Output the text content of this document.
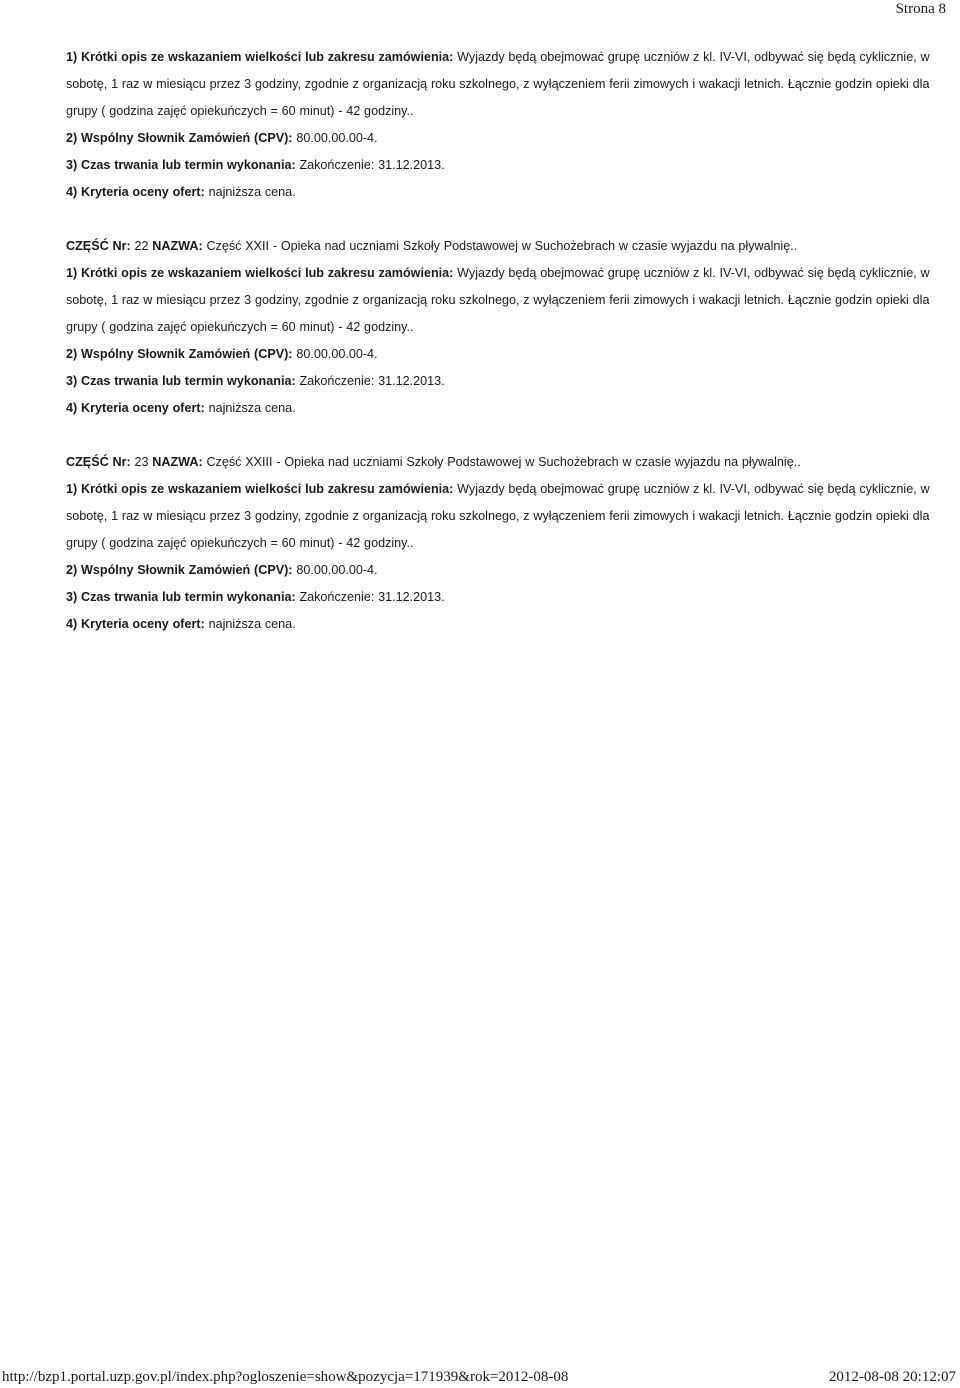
Strona 8

1) Krótki opis ze wskazaniem wielkości lub zakresu zamówienia: Wyjazdy będą obejmować grupę uczniów z kl. IV-VI, odbywać się będą cyklicznie, w sobotę, 1 raz w miesiącu przez 3 godziny, zgodnie z organizacją roku szkolnego, z wyłączeniem ferii zimowych i wakacji letnich. Łącznie godzin opieki dla grupy ( godzina zajęć opiekuńczych = 60 minut) - 42 godziny..

2) Wspólny Słownik Zamówień (CPV): 80.00.00.00-4.

3) Czas trwania lub termin wykonania: Zakończenie: 31.12.2013.

4) Kryteria oceny ofert: najniższa cena.

CZĘŚĆ Nr: 22 NAZWA: Część XXII - Opieka nad uczniami Szkoły Podstawowej w Suchożebrach w czasie wyjazdu na pływalnię..

1) Krótki opis ze wskazaniem wielkości lub zakresu zamówienia: Wyjazdy będą obejmować grupę uczniów z kl. IV-VI, odbywać się będą cyklicznie, w sobotę, 1 raz w miesiącu przez 3 godziny, zgodnie z organizacją roku szkolnego, z wyłączeniem ferii zimowych i wakacji letnich. Łącznie godzin opieki dla grupy ( godzina zajęć opiekuńczych = 60 minut) - 42 godziny..

2) Wspólny Słownik Zamówień (CPV): 80.00.00.00-4.

3) Czas trwania lub termin wykonania: Zakończenie: 31.12.2013.

4) Kryteria oceny ofert: najniższa cena.

CZĘŚĆ Nr: 23 NAZWA: Część XXIII - Opieka nad uczniami Szkoły Podstawowej w Suchożebrach w czasie wyjazdu na pływalnię..

1) Krótki opis ze wskazaniem wielkości lub zakresu zamówienia: Wyjazdy będą obejmować grupę uczniów z kl. IV-VI, odbywać się będą cyklicznie, w sobotę, 1 raz w miesiącu przez 3 godziny, zgodnie z organizacją roku szkolnego, z wyłączeniem ferii zimowych i wakacji letnich. Łącznie godzin opieki dla grupy ( godzina zajęć opiekuńczych = 60 minut) - 42 godziny..

2) Wspólny Słownik Zamówień (CPV): 80.00.00.00-4.

3) Czas trwania lub termin wykonania: Zakończenie: 31.12.2013.

4) Kryteria oceny ofert: najniższa cena.

http://bzp1.portal.uzp.gov.pl/index.php?ogloszenie=show&pozycja=171939&rok=2012-08-08	2012-08-08 20:12:07
